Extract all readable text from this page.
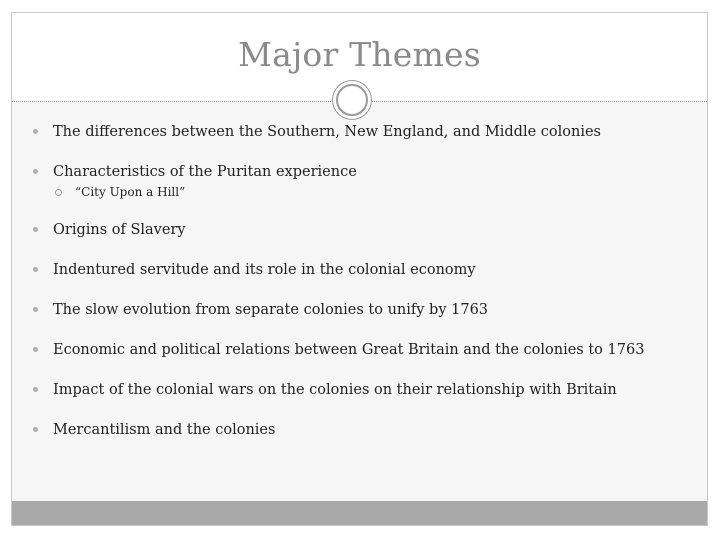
Major Themes
The differences between the Southern, New England, and Middle colonies
Characteristics of the Puritan experience
“City Upon a Hill”
Origins of Slavery
Indentured servitude and its role in the colonial economy
The slow evolution from separate colonies to unify by 1763
Economic and political relations between Great Britain and the colonies to 1763
Impact of the colonial wars on the colonies on their relationship with Britain
Mercantilism and the colonies
